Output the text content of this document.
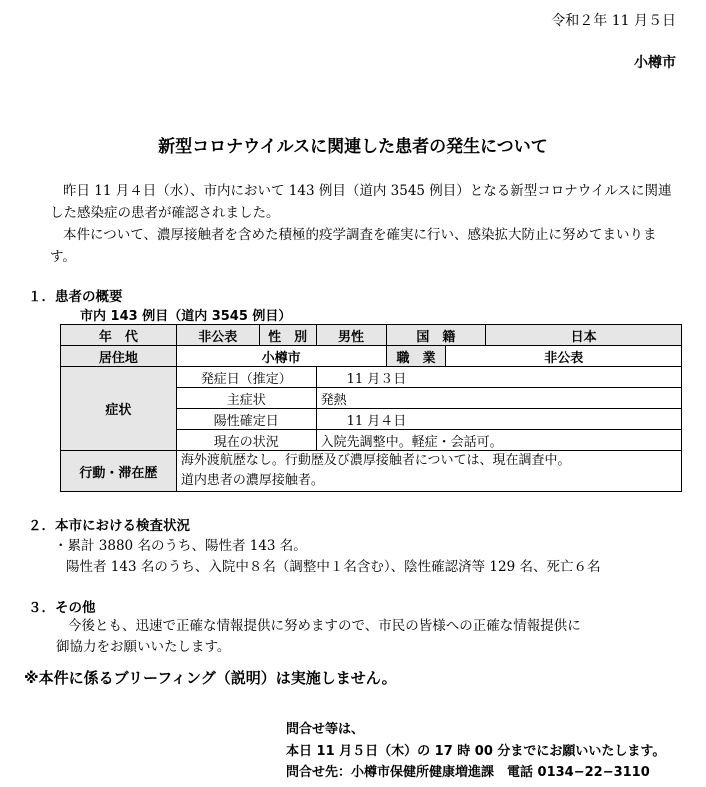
令和２年 11 月５日
小樽市
新型コロナウイルスに関連した患者の発生について
昨日 11 月４日（水）、市内において 143 例目（道内 3545 例目）となる新型コロナウイルスに関連した感染症の患者が確認されました。
本件について、濃厚接触者を含めた積極的疫学調査を確実に行い、感染拡大防止に努めてまいります。
１．患者の概要
市内 143 例目（道内 3545 例目）
年　代	非公表	性　別	男性	国　籍		日本
居住地	小樽市			職　業	非公表	
症状	発症日（推定）		11 月３日			
	主症状		発熱			
	陽性確定日		11 月４日			
	現在の状況		入院先調整中。軽症・会話可。			
行動・滞在歴	海外渡航歴なし。行動歴及び濃厚接触者については、現在調査中。
道内患者の濃厚接触者。					
２．本市における検査状況
・累計 3880 名のうち、陽性者 143 名。
陽性者 143 名のうち、入院中８名（調整中１名含む）、陰性確認済等 129 名、死亡６名
３．その他
今後とも、迅速で正確な情報提供に努めますので、市民の皆様への正確な情報提供に
御協力をお願いいたします。
※本件に係るブリーフィング（説明）は実施しません。
問合せ等は、
本日 11 月５日（木）の 17 時 00 分までにお願いいたします。
問合せ先：小樽市保健所健康増進課　電話 0134−22−3110
